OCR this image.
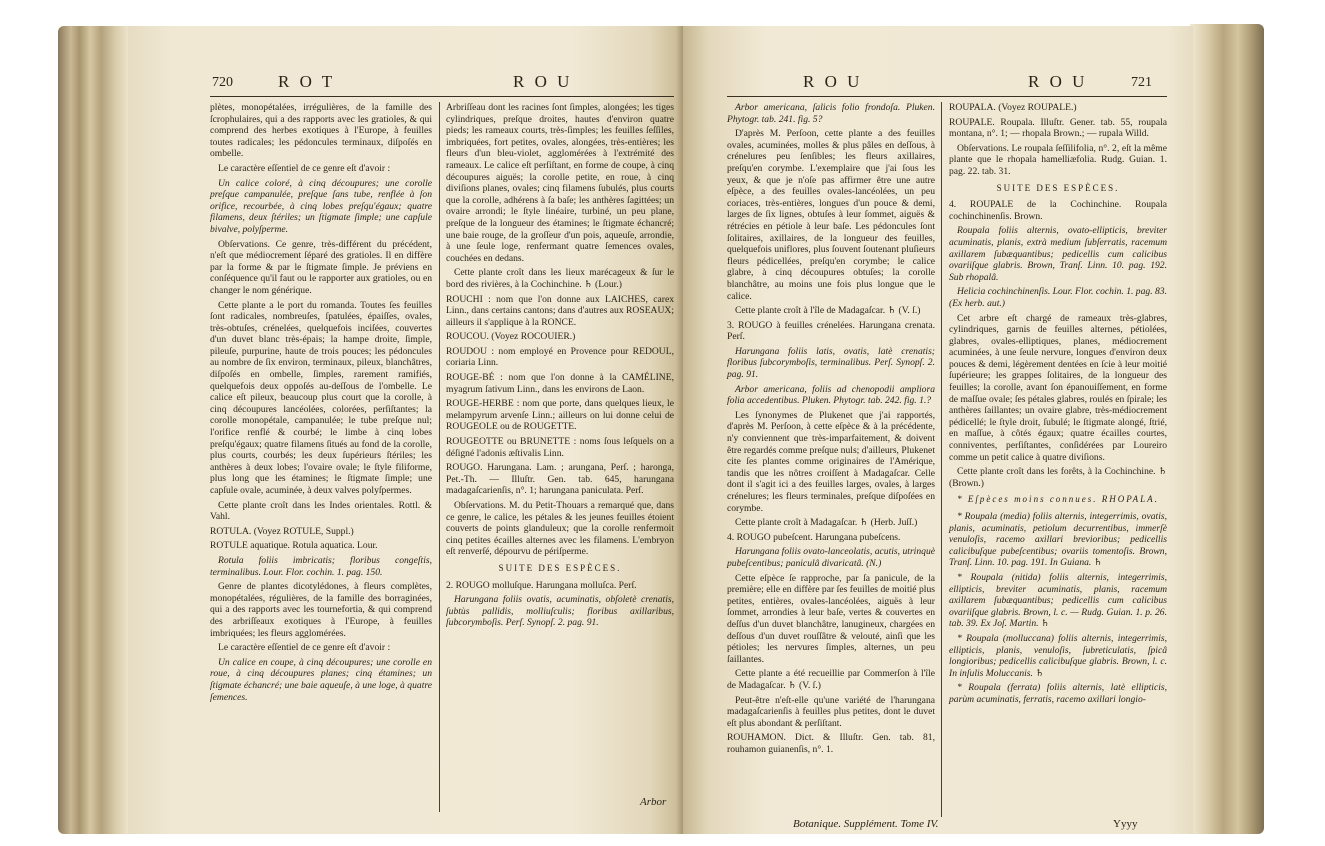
720	R O T	R O U

plètes, monopétalées, irrégulières, de la famille des ſcrophulaires, qui a des rapports avec les gratioles, & qui comprend des herbes exotiques à l'Europe, à feuilles toutes radicales; les pédoncules terminaux, diſpoſés en ombelle.

Le caractère eſſentiel de ce genre eſt d'avoir :

Un calice coloré, à cinq découpures; une corolle preſque campanulée, preſque ſans tube, renflée à ſon orifice, recourbée, à cinq lobes preſqu'égaux; quatre filamens, deux ſtériles; un ſtigmate ſimple; une capſule bivalve, polyſperme.

Obſervations. Ce genre, très-différent du précédent, n'eſt que médiocrement ſéparé des gratioles. Il en diffère par la forme & par le ſtigmate ſimple. Je préviens en conſéquence qu'il faut ou le rapporter aux gratioles, ou en changer le nom générique.

Cette plante a le port du romanda. Toutes ſes feuilles ſont radicales, nombreuſes, ſpatulées, épaiſſes, ovales, très-obtuſes, crénelées, quelquefois inciſées, couvertes d'un duvet blanc très-épais; la hampe droite, ſimple, pileuſe, purpurine, haute de trois pouces; les pédoncules au nombre de ſix environ, terminaux, pileux, blanchâtres, diſpoſés en ombelle, ſimples, rarement ramifiés, quelquefois deux oppoſés au-deſſous de l'ombelle. Le calice eſt pileux, beaucoup plus court que la corolle, à cinq découpures lancéolées, colorées, perſiſtantes; la corolle monopétale, campanulée; le tube preſque nul; l'orifice renflé & courbé; le limbe à cinq lobes preſqu'égaux; quatre filamens ſitués au fond de la corolle, plus courts, courbés; les deux ſupérieurs ſtériles; les anthères à deux lobes; l'ovaire ovale; le ſtyle filiforme, plus long que les étamines; le ſtigmate ſimple; une capſule ovale, acuminée, à deux valves polyſpermes.

Cette plante croît dans les Indes orientales. Rottl. & Vahl.

ROTULA. (Voyez ROTULE, Suppl.)

ROTULE aquatique. Rotula aquatica. Lour.

Rotula foliis imbricatis; floribus congeſtis, terminalibus. Lour. Flor. cochin. 1. pag. 150.

Genre de plantes dicotylédones, à fleurs complètes, monopétalées, régulières, de la famille des borraginées, qui a des rapports avec les tournefortia, & qui comprend des arbriſſeaux exotiques à l'Europe, à feuilles imbriquées; les fleurs agglomérées.

Le caractère eſſentiel de ce genre eſt d'avoir :

Un calice en coupe, à cinq découpures; une corolle en roue, à cinq découpures planes; cinq étamines; un ſtigmate échancré; une baie aqueuſe, à une loge, à quatre ſemences.

Arbriſſeau dont les racines ſont ſimples, alongées; les tiges cylindriques, preſque droites, hautes d'environ quatre pieds; les rameaux courts, très-ſimples; les feuilles ſeſſiles, imbriquées, fort petites, ovales, alongées, très-entières; les fleurs d'un bleu-violet, agglomérées à l'extrémité des rameaux. Le calice eſt perſiſtant, en forme de coupe, à cinq découpures aiguës; la corolle petite, en roue, à cinq diviſions planes, ovales; cinq filamens ſubulés, plus courts que la corolle, adhérens à ſa baſe; les anthères ſagittées; un ovaire arrondi; le ſtyle linéaire, turbiné, un peu plane, preſque de la longueur des étamines; le ſtigmate échancré; une baie rouge, de la groſſeur d'un pois, aqueuſe, arrondie, à une ſeule loge, renfermant quatre ſemences ovales, couchées en dedans.

Cette plante croît dans les lieux marécageux & ſur le bord des rivières, à la Cochinchine. ♄ (Lour.)

ROUCHI : nom que l'on donne aux LAICHES, carex Linn., dans certains cantons; dans d'autres aux ROSEAUX; ailleurs il s'applique à la RONCE.

ROUCOU. (Voyez ROCOUIER.)

ROUDOU : nom employé en Provence pour REDOUL, coriaria Linn.

ROUGE-BÉ : nom que l'on donne à la CAMÉLINE, myagrum ſativum Linn., dans les environs de Laon.

ROUGE-HERBE : nom que porte, dans quelques lieux, le melampyrum arvenſe Linn.; ailleurs on lui donne celui de ROUGEOLE ou de ROUGETTE.

ROUGEOTTE ou BRUNETTE : noms ſous leſquels on a déſigné l'adonis æſtivalis Linn.

ROUGO. Harungana. Lam. ; arungana, Perſ. ; haronga, Pet.-Th. — Illuſtr. Gen. tab. 645, harungana madagaſcarienſis, n°. 1; harungana paniculata. Perſ.

Obſervations. M. du Petit-Thouars a remarqué que, dans ce genre, le calice, les pétales & les jeunes feuilles étoient couverts de points glanduleux; que la corolle renfermoit cinq petites écailles alternes avec les filamens. L'embryon eſt renverſé, dépourvu de périſperme.

SUITE DES ESPÈCES.

2. ROUGO molluſque. Harungana molluſca. Perſ.

Harungana foliis ovatis, acuminatis, obſoletè crenatis, ſubtùs pallidis, molliuſculis; floribus axillaribus, ſubcorymboſis. Perſ. Synopſ. 2. pag. 91.

Arbor
R O U	R O U	721

Arbor americana, ſalicis folio frondoſa. Pluken. Phytogr. tab. 241. fig. 5?

D'après M. Perſoon, cette plante a des feuilles ovales, acuminées, molles & plus pâles en deſſous, à crénelures peu ſenſibles; les fleurs axillaires, preſqu'en corymbe. L'exemplaire que j'ai ſous les yeux, & que je n'oſe pas affirmer être une autre eſpèce, a des feuilles ovales-lancéolées, un peu coriaces, très-entières, longues d'un pouce & demi, larges de ſix lignes, obtuſes à leur ſommet, aiguës & rétrécies en pétiole à leur baſe. Les pédoncules ſont ſolitaires, axillaires, de la longueur des feuilles, quelquefois uniflores, plus ſouvent ſoutenant pluſieurs fleurs pédicellées, preſqu'en corymbe; le calice glabre, à cinq découpures obtuſes; la corolle blanchâtre, au moins une fois plus longue que le calice.

Cette plante croît à l'île de Madagaſcar. ♄ (V. ſ.)

3. ROUGO à feuilles crénelées. Harungana crenata. Perſ.

Harungana foliis latis, ovatis, latè crenatis; floribus ſubcorymboſis, terminalibus. Perſ. Synopſ. 2. pag. 91.

Arbor americana, foliis ad chenopodii ampliora folia accedentibus. Pluken. Phytogr. tab. 242. fig. 1.?

Les ſynonymes de Plukenet que j'ai rapportés, d'après M. Perſoon, à cette eſpèce & à la précédente, n'y conviennent que très-imparfaitement, & doivent être regardés comme preſque nuls; d'ailleurs, Plukenet cite ſes plantes comme originaires de l'Amérique, tandis que les nôtres croiſſent à Madagaſcar. Celle dont il s'agit ici a des feuilles larges, ovales, à larges crénelures; les fleurs terminales, preſque diſpoſées en corymbe.

Cette plante croît à Madagaſcar. ♄ (Herb. Juſſ.)

4. ROUGO pubeſcent. Harungana pubeſcens.

Harungana foliis ovato-lanceolatis, acutis, utrinquè pubeſcentibus; paniculâ divaricatâ. (N.)

Cette eſpèce ſe rapproche, par ſa panicule, de la première; elle en diffère par ſes feuilles de moitié plus petites, entières, ovales-lancéolées, aiguës à leur ſommet, arrondies à leur baſe, vertes & couvertes en deſſus d'un duvet blanchâtre, lanugineux, chargées en deſſous d'un duvet rouſſâtre & velouté, ainſi que les pétioles; les nervures ſimples, alternes, un peu ſaillantes.

Cette plante a été recueillie par Commerſon à l'île de Madagaſcar. ♄ (V. ſ.)

Peut-être n'eſt-elle qu'une variété de l'harungana madagaſcarienſis à feuilles plus petites, dont le duvet eſt plus abondant & perſiſtant.

ROUHAMON. Dict. & Illuſtr. Gen. tab. 81, rouhamon guianenſis, n°. 1.

ROUPALA. (Voyez ROUPALE.)

ROUPALE. Roupala. Illuſtr. Gener. tab. 55, roupala montana, n°. 1; — rhopala Brown.; — rupala Willd.

Obſervations. Le roupala ſeſſilifolia, n°. 2, eſt la même plante que le rhopala hamelliæfolia. Rudg. Guian. 1. pag. 22. tab. 31.

SUITE DES ESPÈCES.

4. ROUPALE de la Cochinchine. Roupala cochinchinenſis. Brown.

Roupala foliis alternis, ovato-ellipticis, breviter acuminatis, planis, extrà medium ſubſerratis, racemum axillarem ſubæquantibus; pedicellis cum calicibus ovariiſque glabris. Brown, Tranſ. Linn. 10. pag. 192. Sub rhopalâ.

Helicia cochinchinenſis. Lour. Flor. cochin. 1. pag. 83. (Ex herb. aut.)

Cet arbre eſt chargé de rameaux très-glabres, cylindriques, garnis de feuilles alternes, pétiolées, glabres, ovales-elliptiques, planes, médiocrement acuminées, à une ſeule nervure, longues d'environ deux pouces & demi, légèrement dentées en ſcie à leur moitié ſupérieure; les grappes ſolitaires, de la longueur des feuilles; la corolle, avant ſon épanouiſſement, en forme de maſſue ovale; ſes pétales glabres, roulés en ſpirale; les anthères ſaillantes; un ovaire glabre, très-médiocrement pédicellé; le ſtyle droit, ſubulé; le ſtigmate alongé, ſtrié, en maſſue, à côtés égaux; quatre écailles courtes, conniventes, perſiſtantes, conſidérées par Loureiro comme un petit calice à quatre diviſions.

Cette plante croît dans les forêts, à la Cochinchine. ♄ (Brown.)

* Eſpèces moins connues. RHOPALA.

* Roupala (media) foliis alternis, integerrimis, ovatis, planis, acuminatis, petiolum decurrentibus, immerſè venuloſis, racemo axillari brevioribus; pedicellis calicibuſque pubeſcentibus; ovariis tomentoſis. Brown, Tranſ. Linn. 10. pag. 191. In Guiana. ♄

* Roupala (nitida) foliis alternis, integerrimis, ellipticis, breviter acuminatis, planis, racemum axillarem ſubæquantibus; pedicellis cum calicibus ovariiſque glabris. Brown, l. c. — Rudg. Guian. 1. p. 26. tab. 39. Ex Joſ. Martin. ♄

* Roupala (molluccana) foliis alternis, integerrimis, ellipticis, planis, venuloſis, ſubreticulatis, ſpicâ longioribus; pedicellis calicibuſque glabris. Brown, l. c. In inſulis Moluccanis. ♄

* Roupala (ferrata) foliis alternis, latè ellipticis, parùm acuminatis, ferratis, racemo axillari longio-

Botanique. Supplément. Tome IV.	Yyyy
